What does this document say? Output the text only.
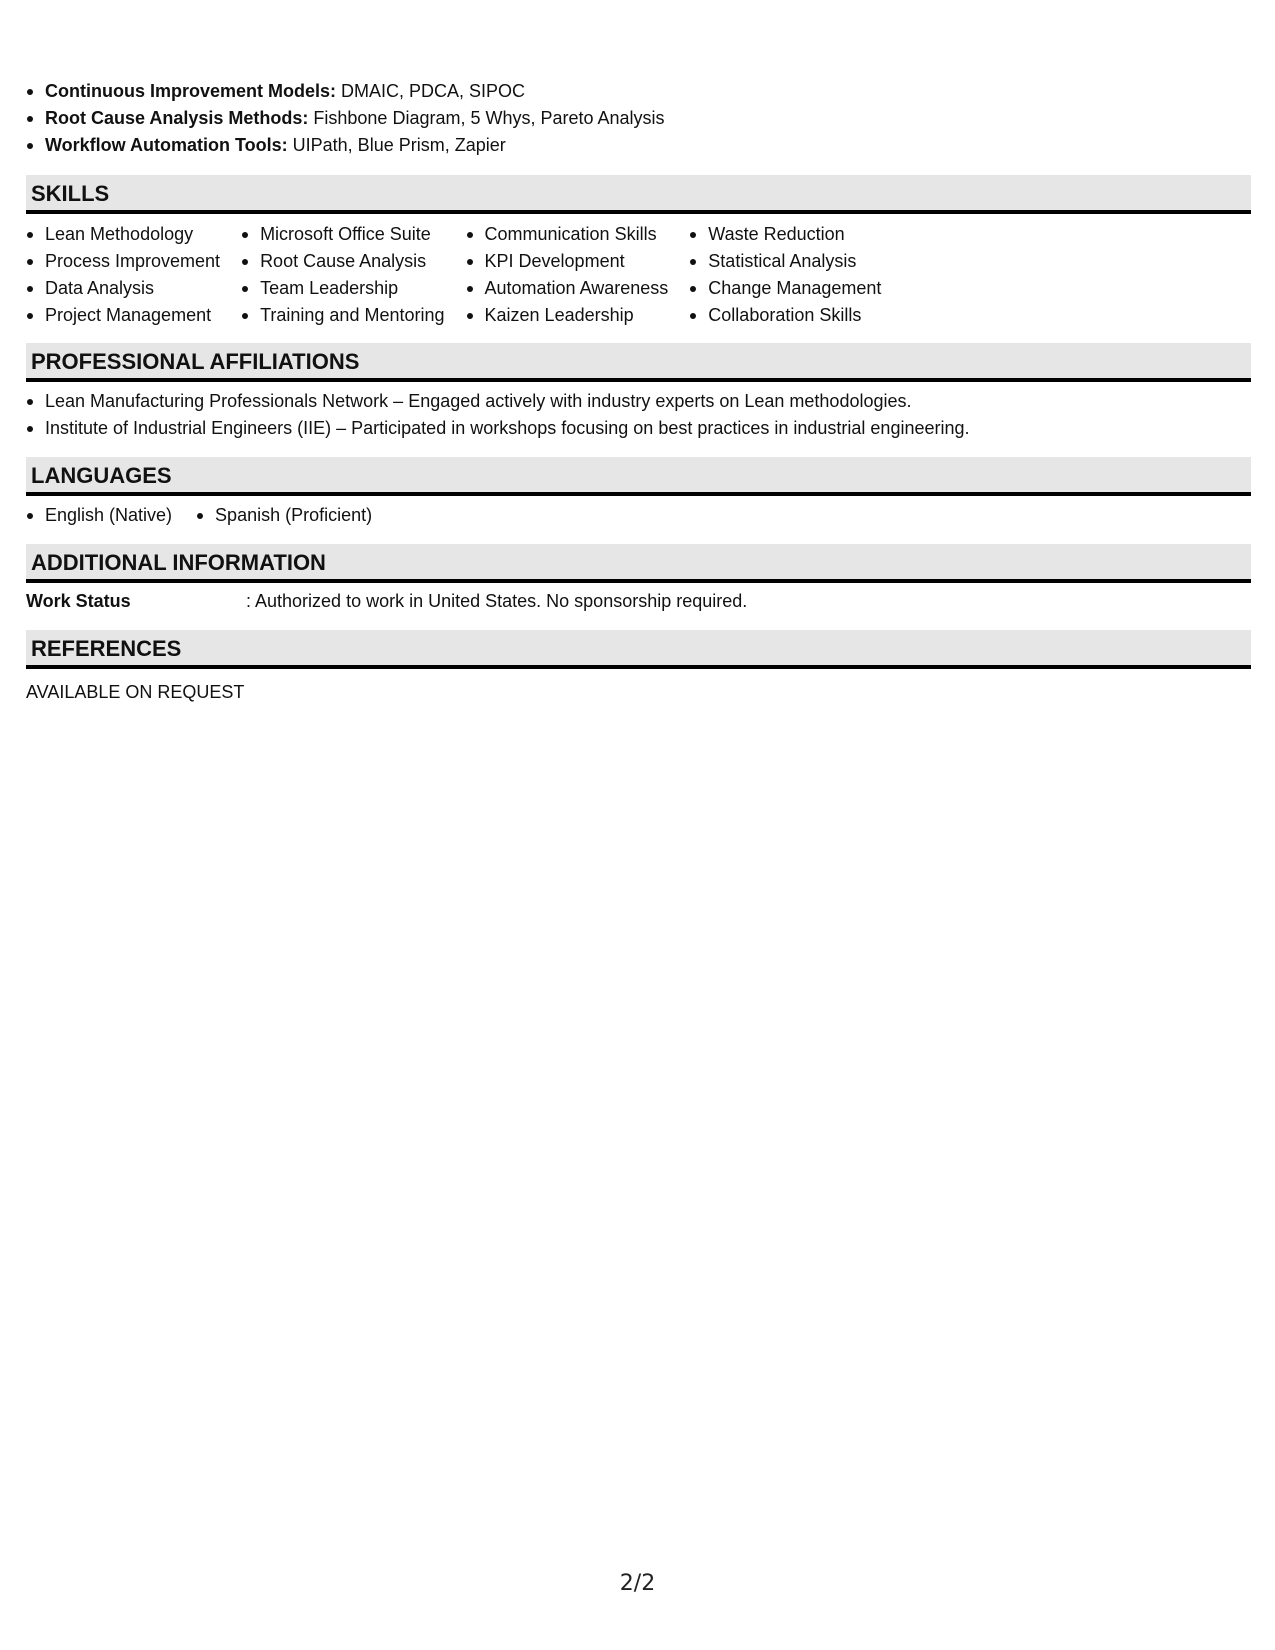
Continuous Improvement Models: DMAIC, PDCA, SIPOC
Root Cause Analysis Methods: Fishbone Diagram, 5 Whys, Pareto Analysis
Workflow Automation Tools: UIPath, Blue Prism, Zapier
SKILLS
Lean Methodology
Process Improvement
Data Analysis
Project Management
Microsoft Office Suite
Root Cause Analysis
Team Leadership
Training and Mentoring
Communication Skills
KPI Development
Automation Awareness
Kaizen Leadership
Waste Reduction
Statistical Analysis
Change Management
Collaboration Skills
PROFESSIONAL AFFILIATIONS
Lean Manufacturing Professionals Network – Engaged actively with industry experts on Lean methodologies.
Institute of Industrial Engineers (IIE) – Participated in workshops focusing on best practices in industrial engineering.
LANGUAGES
English (Native)	Spanish (Proficient)
ADDITIONAL INFORMATION
Work Status	: Authorized to work in United States. No sponsorship required.
REFERENCES
AVAILABLE ON REQUEST
2/2
